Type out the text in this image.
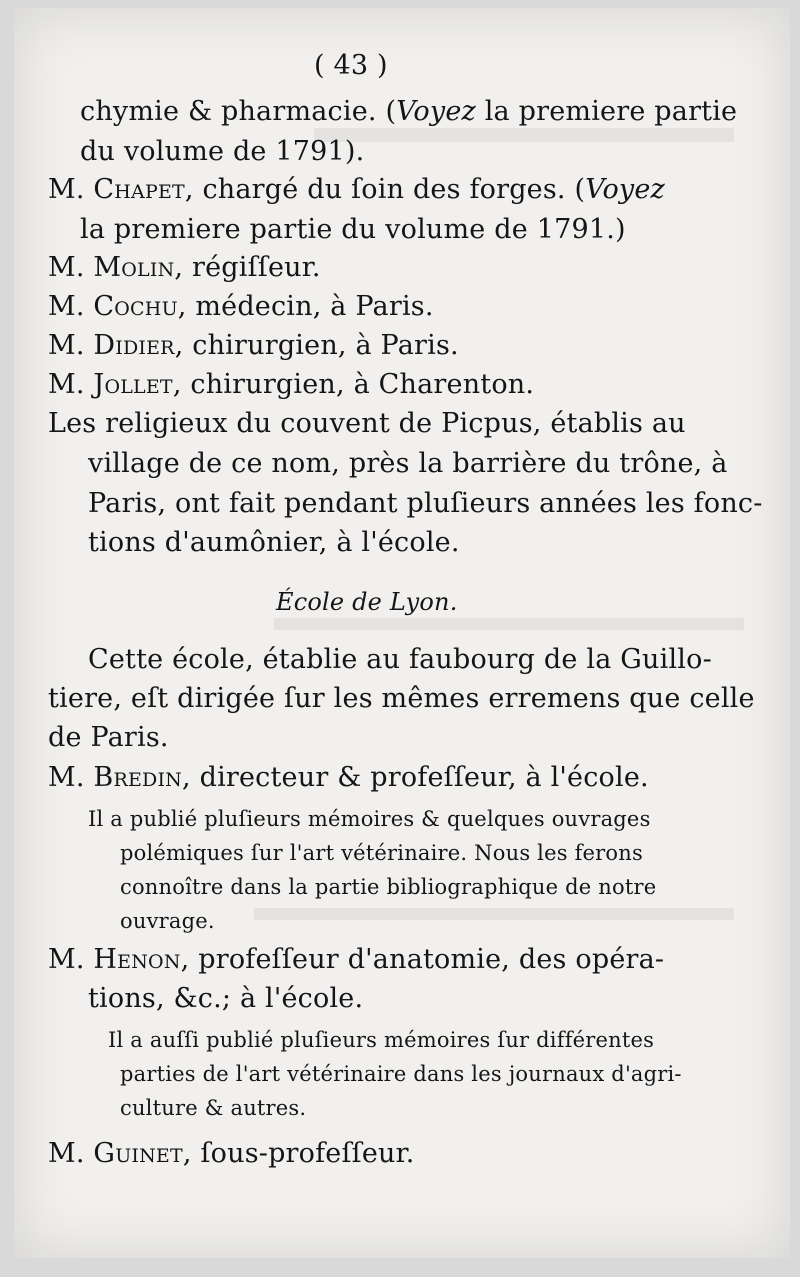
( 43 )
chymie & pharmacie. (Voyez la premiere partie
du volume de 1791).
M. Chapet, chargé du ſoin des forges. (Voyez
la premiere partie du volume de 1791.)
M. Molin, régiſſeur.
M. Cochu, médecin, à Paris.
M. Didier, chirurgien, à Paris.
M. Jollet, chirurgien, à Charenton.
Les religieux du couvent de Picpus, établis au
village de ce nom, près la barrière du trône, à
Paris, ont fait pendant pluſieurs années les fonc-
tions d'aumônier, à l'école.
École de Lyon.
Cette école, établie au faubourg de la Guillo-
tiere, eſt dirigée ſur les mêmes erremens que celle
de Paris.
M. Bredin, directeur & profeſſeur, à l'école.
Il a publié pluſieurs mémoires & quelques ouvrages
polémiques ſur l'art vétérinaire. Nous les ferons
connoître dans la partie bibliographique de notre
ouvrage.
M. Henon, profeſſeur d'anatomie, des opéra-
tions, &c.; à l'école.
Il a auſſi publié pluſieurs mémoires ſur différentes
parties de l'art vétérinaire dans les journaux d'agri-
culture & autres.
M. Guinet, ſous-profeſſeur.
